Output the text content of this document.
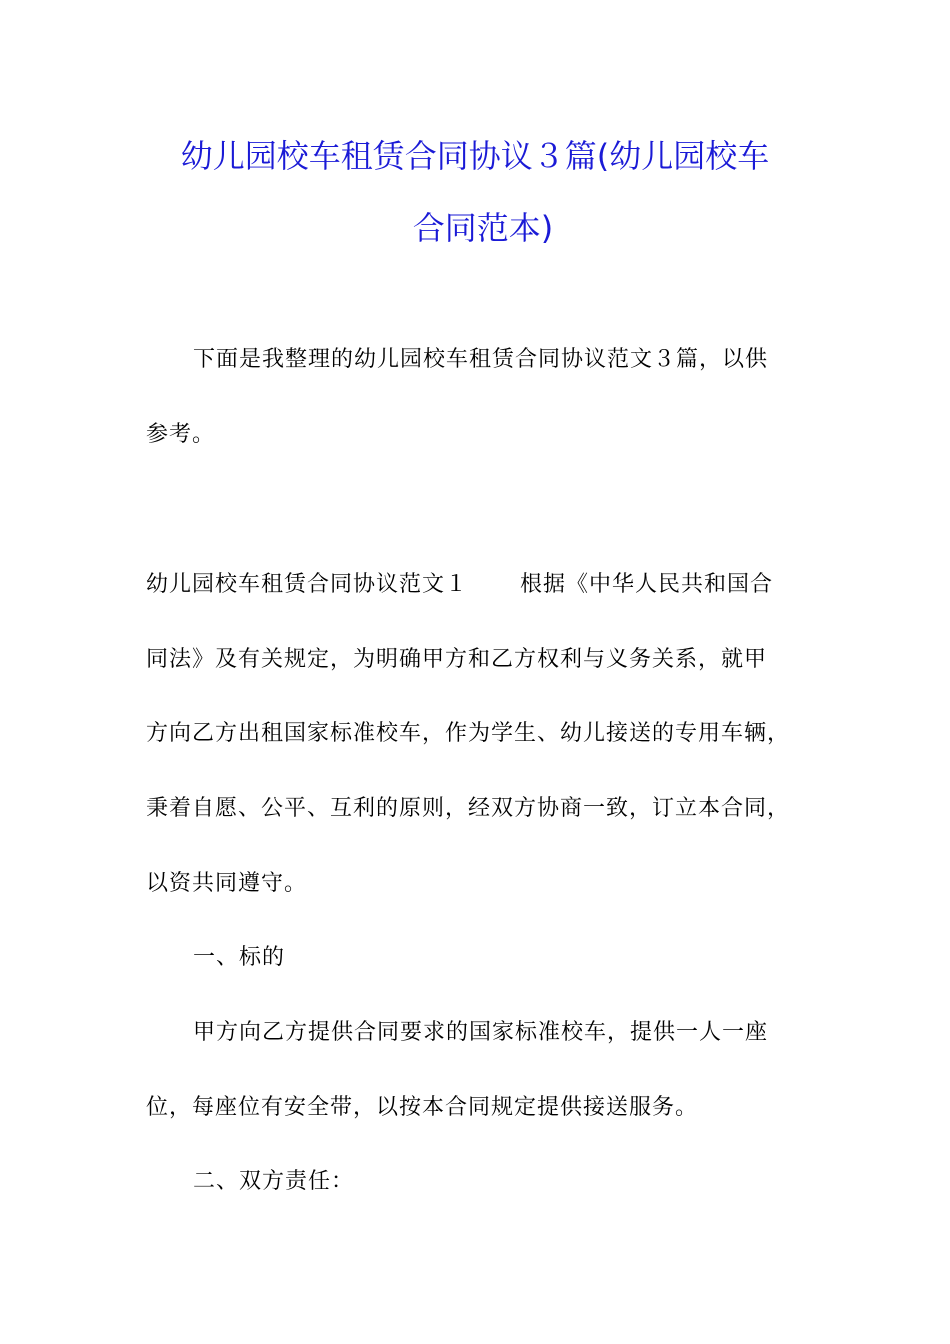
幼儿园校车租赁合同协议３篇(幼儿园校车
合同范本)
下面是我整理的幼儿园校车租赁合同协议范文３篇，以供
参考。
幼儿园校车租赁合同协议范文１ 根据《中华人民共和国合
同法》及有关规定，为明确甲方和乙方权利与义务关系，就甲
方向乙方出租国家标准校车，作为学生、幼儿接送的专用车辆，
秉着自愿、公平、互利的原则，经双方协商一致，订立本合同，
以资共同遵守。
一、标的
甲方向乙方提供合同要求的国家标准校车，提供一人一座
位，每座位有安全带，以按本合同规定提供接送服务。
二、双方责任：
